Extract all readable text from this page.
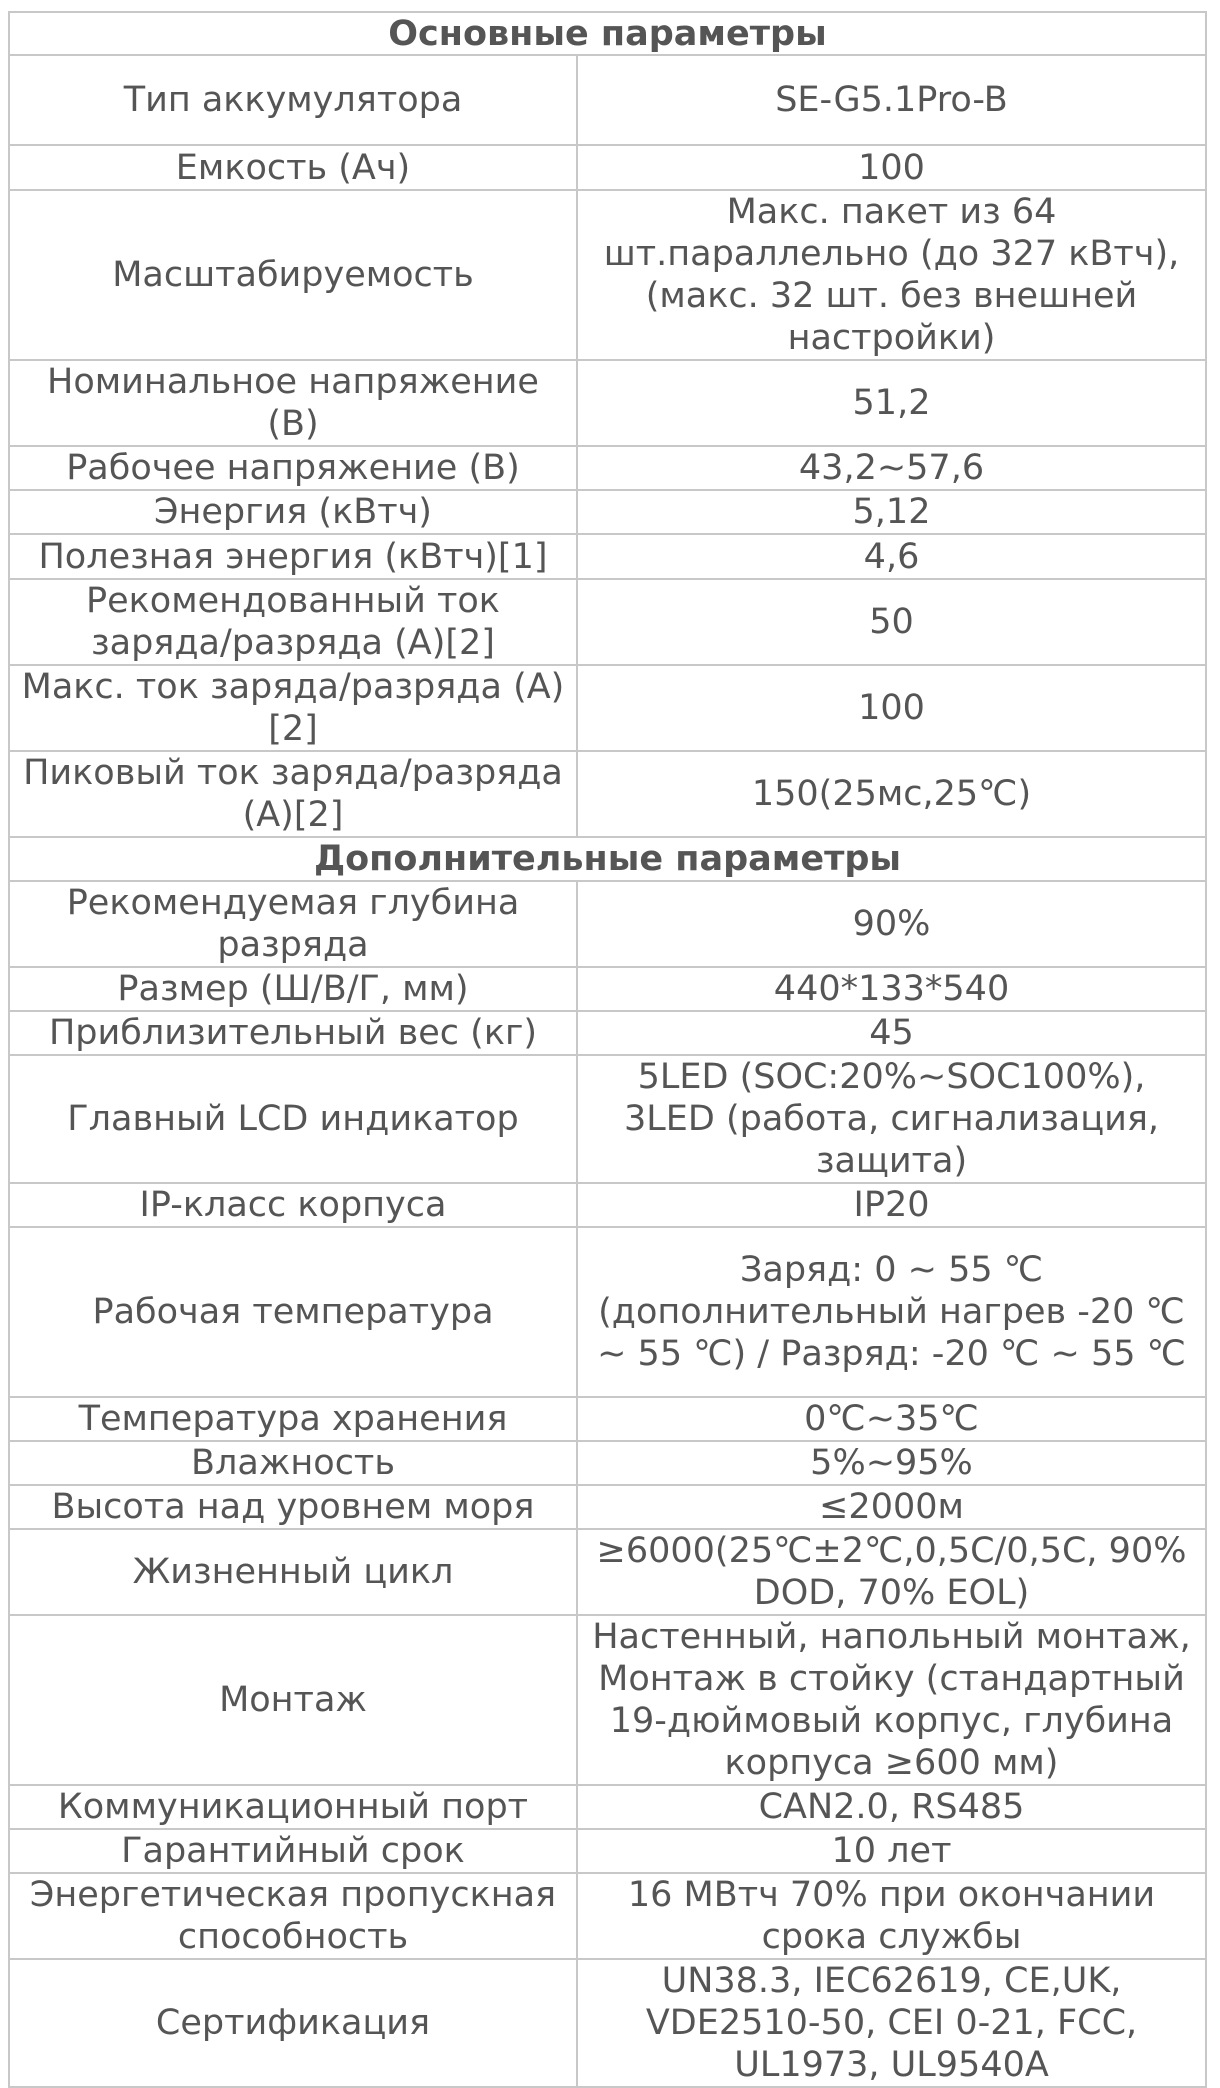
Основные параметры	
Тип аккумулятора	SE-G5.1Pro-B
Емкость (Ач)	100
Масштабируемость	Макс. пакет из 64 шт.параллельно (до 327 кВтч), (макс. 32 шт. без внешней настройки)
Номинальное напряжение (В)	51,2
Рабочее напряжение (В)	43,2~57,6
Энергия (кВтч)	5,12
Полезная энергия (кВтч)[1]	4,6
Рекомендованный ток заряда/разряда (А)[2]	50
Макс. ток заряда/разряда (А)[2]	100
Пиковый ток заряда/разряда (А)[2]	150(25мс,25℃)
Дополнительные параметры	
Рекомендуемая глубина разряда	90%
Размер (Ш/В/Г, мм)	440*133*540
Приблизительный вес (кг)	45
Главный LCD индикатор	5LED (SOC:20%~SOC100%), 3LED (работа, сигнализация, защита)
IP-класс корпуса	IP20
Рабочая температура	Заряд: 0 ~ 55 ℃ (дополнительный нагрев -20 ℃ ~ 55 ℃) / Разряд: -20 ℃ ~ 55 ℃
Температура хранения	0℃~35℃
Влажность	5%~95%
Высота над уровнем моря	≤2000м
Жизненный цикл	≥6000(25℃±2℃,0,5C/0,5C, 90% DOD, 70% EOL)
Монтаж	Настенный, напольный монтаж, Монтаж в стойку (стандартный 19-дюймовый корпус, глубина корпуса ≥600 мм)
Коммуникационный порт	CAN2.0, RS485
Гарантийный срок	10 лет
Энергетическая пропускная способность	16 МВтч 70% при окончании срока службы
Сертификация	UN38.3, IEC62619, CE,UK, VDE2510-50, CEI 0-21, FCC, UL1973, UL9540A
